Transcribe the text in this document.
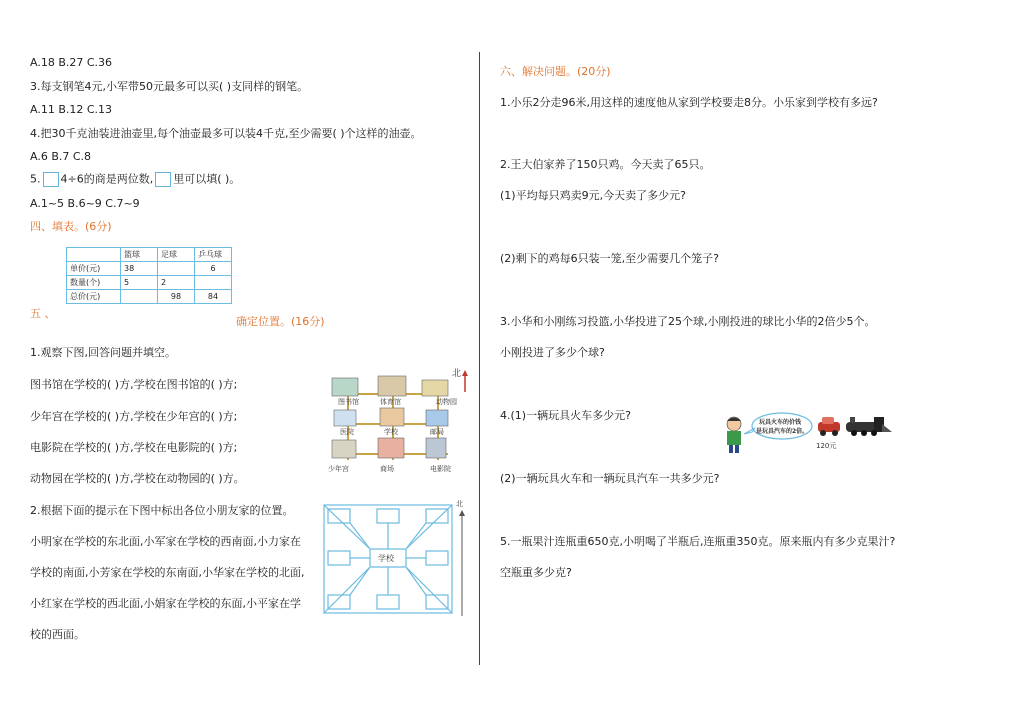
A.18 B.27 C.36
3.每支钢笔4元,小军带50元最多可以买( )支同样的钢笔。
A.11 B.12 C.13
4.把30千克油装进油壶里,每个油壶最多可以装4千克,至少需要( )个这样的油壶。
A.6 B.7 C.8
5. 4÷6的商是两位数, 里可以填( )。
A.1~5 B.6~9 C.7~9
四、填表。(6分)
	篮球	足球	乒乓球
单价(元)	38		6
数量(个)	5	2	
总价(元)		98	84
五 、
确定位置。(16分)
1.观察下图,回答问题并填空。
图书馆在学校的( )方,学校在图书馆的( )方;
少年宫在学校的( )方,学校在少年宫的( )方;
电影院在学校的( )方,学校在电影院的( )方;
动物园在学校的( )方,学校在动物园的( )方。
北
图书馆	体育馆	动物园
医院	学校	邮局
少年宫	商场	电影院
2.根据下面的提示在下图中标出各位小朋友家的位置。
小明家在学校的东北面,小军家在学校的西南面,小力家在
学校的南面,小芳家在学校的东南面,小华家在学校的北面,
小红家在学校的西北面,小娟家在学校的东面,小平家在学
校的西面。
学校
北
六、解决问题。(20分)
1.小乐2分走96米,用这样的速度他从家到学校要走8分。小乐家到学校有多远?
2.王大伯家养了150只鸡。今天卖了65只。
(1)平均每只鸡卖9元,今天卖了多少元?
(2)剩下的鸡每6只装一笼,至少需要几个笼子?
3.小华和小刚练习投篮,小华投进了25个球,小刚投进的球比小华的2倍少5个。
小刚投进了多少个球?
4.(1)一辆玩具火车多少元?
玩具火车的价钱
是玩具汽车的2倍。
120元
(2)一辆玩具火车和一辆玩具汽车一共多少元?
5.一瓶果汁连瓶重650克,小明喝了半瓶后,连瓶重350克。原来瓶内有多少克果汁?
空瓶重多少克?
